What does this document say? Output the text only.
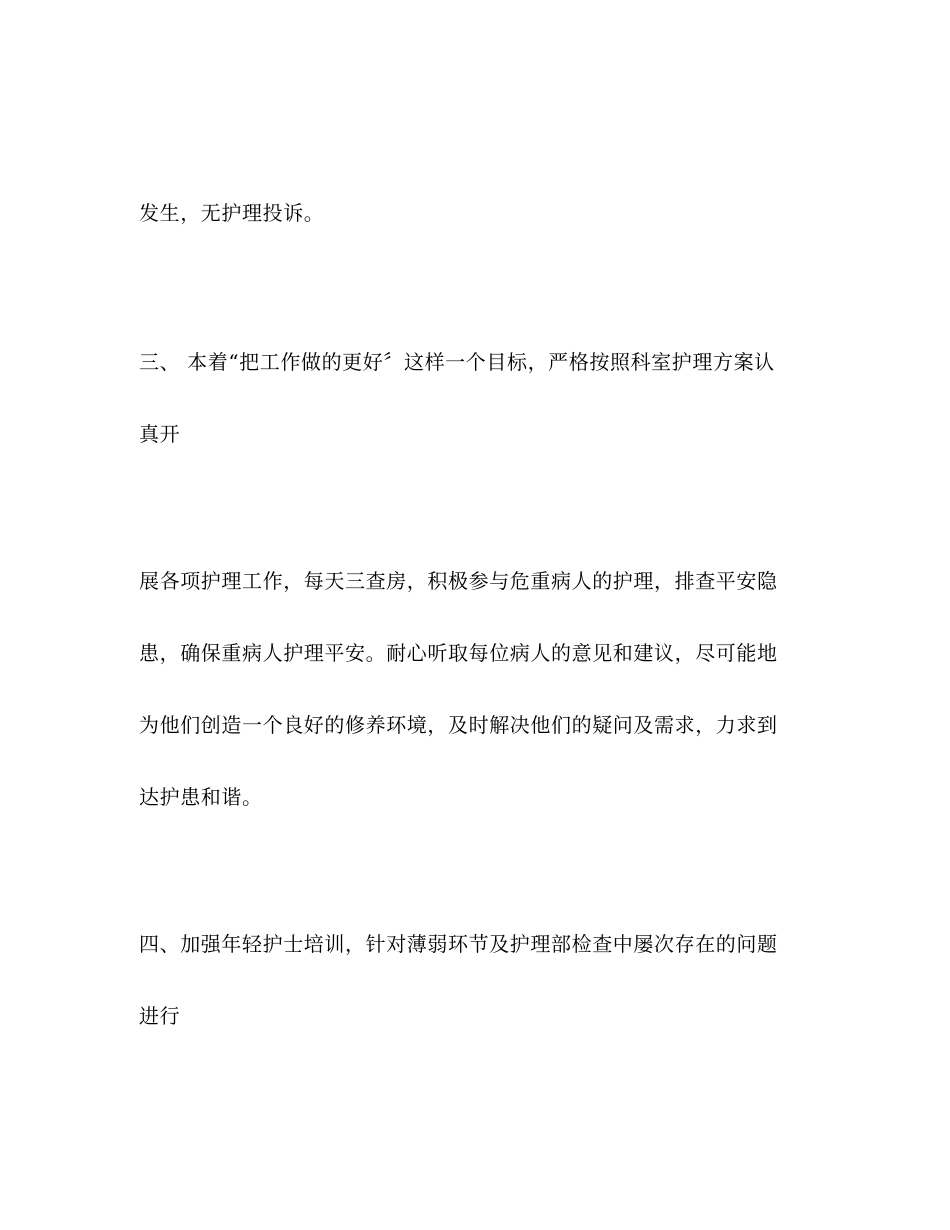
发生，无护理投诉。
三、 本着“把工作做的更好〞这样一个目标，严格按照科室护理方案认
真开
展各项护理工作，每天三查房，积极参与危重病人的护理，排查平安隐
患，确保重病人护理平安。耐心听取每位病人的意见和建议，尽可能地
为他们创造一个良好的修养环境，及时解决他们的疑问及需求，力求到
达护患和谐。
四、加强年轻护士培训，针对薄弱环节及护理部检查中屡次存在的问题
进行
